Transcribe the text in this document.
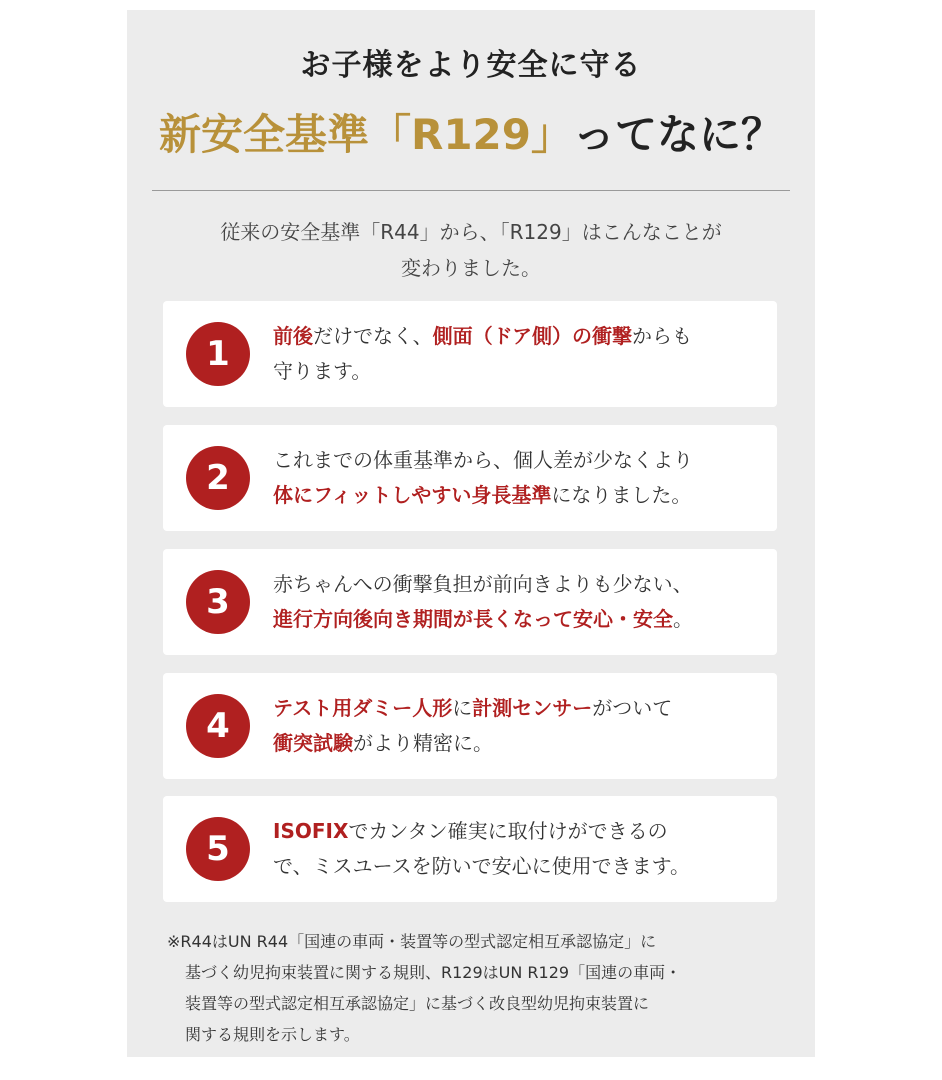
お子様をより安全に守る
新安全基準「R129」ってなに？
従来の安全基準「R44」から、「R129」はこんなことが
変わりました。
1	前後だけでなく、側面（ドア側）の衝撃からも
守ります。
2	これまでの体重基準から、個人差が少なくより
体にフィットしやすい身長基準になりました。
3	赤ちゃんへの衝撃負担が前向きよりも少ない、
進行方向後向き期間が長くなって安心・安全。
4	テスト用ダミー人形に計測センサーがついて
衝突試験がより精密に。
5	ISOFIXでカンタン確実に取付けができるの
で、ミスユースを防いで安心に使用できます。
※R44はUN R44「国連の車両・装置等の型式認定相互承認協定」に
基づく幼児拘束装置に関する規則、R129はUN R129「国連の車両・
装置等の型式認定相互承認協定」に基づく改良型幼児拘束装置に
関する規則を示します。
